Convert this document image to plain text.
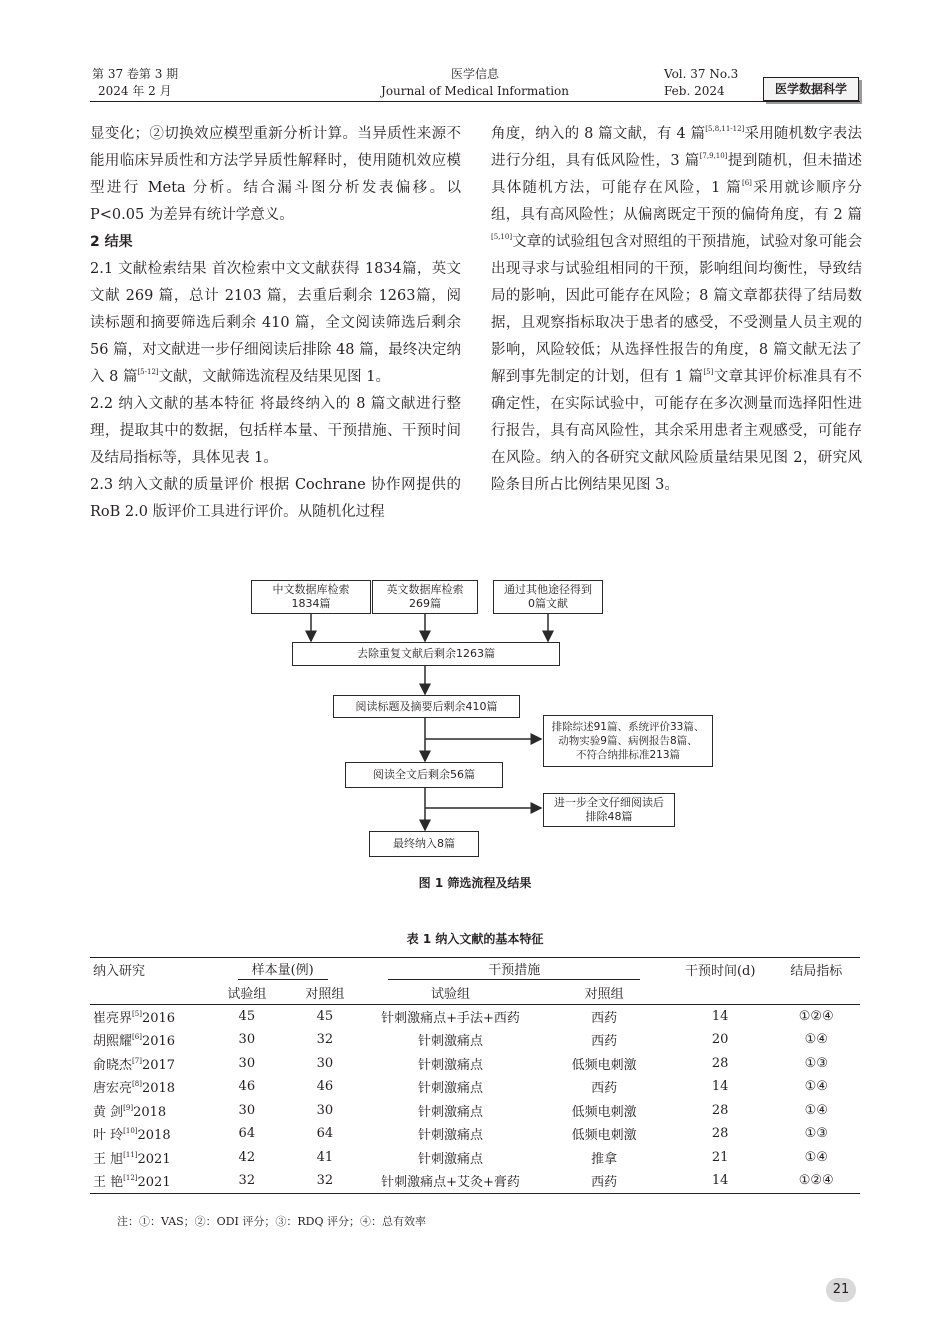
第 37 卷第 3 期
2024 年 2 月
医学信息
Journal of Medical Information
Vol. 37 No.3
Feb. 2024	医学数据科学

显变化；②切换效应模型重新分析计算。当异质性来源不能用临床异质性和方法学异质性解释时，使用随机效应模型进行 Meta 分析。结合漏斗图分析发表偏移。以 P<0.05 为差异有统计学意义。

2 结果

2.1 文献检索结果 首次检索中文文献获得 1834篇，英文文献 269 篇，总计 2103 篇，去重后剩余 1263篇，阅读标题和摘要筛选后剩余 410 篇，全文阅读筛选后剩余 56 篇，对文献进一步仔细阅读后排除 48 篇，最终决定纳入 8 篇[5-12]文献，文献筛选流程及结果见图 1。

2.2 纳入文献的基本特征 将最终纳入的 8 篇文献进行整理，提取其中的数据，包括样本量、干预措施、干预时间及结局指标等，具体见表 1。

2.3 纳入文献的质量评价 根据 Cochrane 协作网提供的 RoB 2.0 版评价工具进行评价。从随机化过程

角度，纳入的 8 篇文献，有 4 篇[5,8,11-12]采用随机数字表法进行分组，具有低风险性，3 篇[7,9,10]提到随机，但未描述具体随机方法，可能存在风险，1 篇[6]采用就诊顺序分组，具有高风险性；从偏离既定干预的偏倚角度，有 2 篇[5,10]文章的试验组包含对照组的干预措施，试验对象可能会出现寻求与试验组相同的干预，影响组间均衡性，导致结局的影响，因此可能存在风险；8 篇文章都获得了结局数据，且观察指标取决于患者的感受，不受测量人员主观的影响，风险较低；从选择性报告的角度，8 篇文献无法了解到事先制定的计划，但有 1 篇[5]文章其评价标准具有不确定性，在实际试验中，可能存在多次测量而选择阳性进行报告，具有高风险性，其余采用患者主观感受，可能存在风险。纳入的各研究文献风险质量结果见图 2，研究风险条目所占比例结果见图 3。

中文数据库检索
1834篇
英文数据库检索
269篇
通过其他途径得到
0篇文献
去除重复文献后剩余1263篇
阅读标题及摘要后剩余410篇
排除综述91篇、系统评价33篇、
动物实验9篇、病例报告8篇、
不符合纳排标准213篇
阅读全文后剩余56篇
进一步全文仔细阅读后
排除48篇
最终纳入8篇
图 1 筛选流程及结果
表 1 纳入文献的基本特征
纳入研究	样本量(例)		干预措施		干预时间(d)	结局指标
	试验组	对照组	试验组	对照组		
崔亮界[5]2016	45	45	针刺激痛点+手法+西药	西药	14	①②④
胡熙耀[6]2016	30	32	针刺激痛点	西药	20	①④
俞晓杰[7]2017	30	30	针刺激痛点	低频电刺激	28	①③
唐宏亮[8]2018	46	46	针刺激痛点	西药	14	①④
黄 剑[9]2018	30	30	针刺激痛点	低频电刺激	28	①④
叶 玲[10]2018	64	64	针刺激痛点	低频电刺激	28	①③
王 旭[11]2021	42	41	针刺激痛点	推拿	21	①④
王 艳[12]2021	32	32	针刺激痛点+艾灸+膏药	西药	14	①②④
注：①：VAS；②：ODI 评分；③：RDQ 评分；④：总有效率
21
